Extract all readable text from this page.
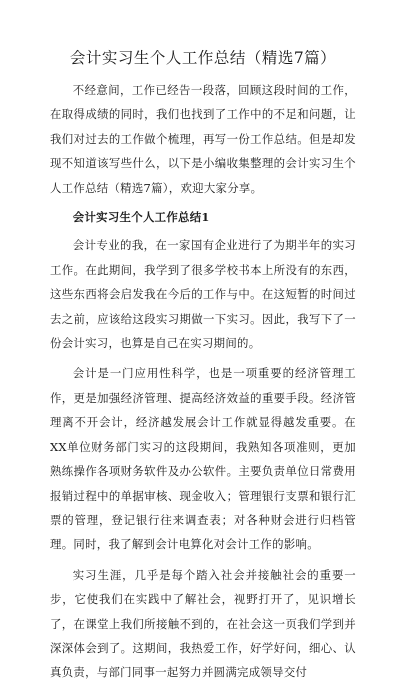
会计实习生个人工作总结（精选7篇）

不经意间，工作已经告一段落，回顾这段时间的工作，在取得成绩的同时，我们也找到了工作中的不足和问题，让我们对过去的工作做个梳理，再写一份工作总结。但是却发现不知道该写些什么，以下是小编收集整理的会计实习生个人工作总结（精选7篇），欢迎大家分享。

会计实习生个人工作总结1

会计专业的我，在一家国有企业进行了为期半年的实习工作。在此期间，我学到了很多学校书本上所没有的东西，这些东西将会启发我在今后的工作与中。在这短暂的时间过去之前，应该给这段实习期做一下实习。因此，我写下了一份会计实习，也算是自己在实习期间的。

会计是一门应用性科学，也是一项重要的经济管理工作，更是加强经济管理、提高经济效益的重要手段。经济管理离不开会计，经济越发展会计工作就显得越发重要。在XX单位财务部门实习的这段期间，我熟知各项准则，更加熟练操作各项财务软件及办公软件。主要负责单位日常费用报销过程中的单据审核、现金收入；管理银行支票和银行汇票的管理，登记银行往来调查表；对各种财会进行归档管理。同时，我了解到会计电算化对会计工作的影响。

实习生涯，几乎是每个踏入社会并接触社会的重要一步，它使我们在实践中了解社会，视野打开了，见识增长了，在课堂上我们所接触不到的，在社会这一页我们学到并深深体会到了。这期间，我热爱工作，好学好问，细心、认真负责，与部门同事一起努力并圆满完成领导交付
